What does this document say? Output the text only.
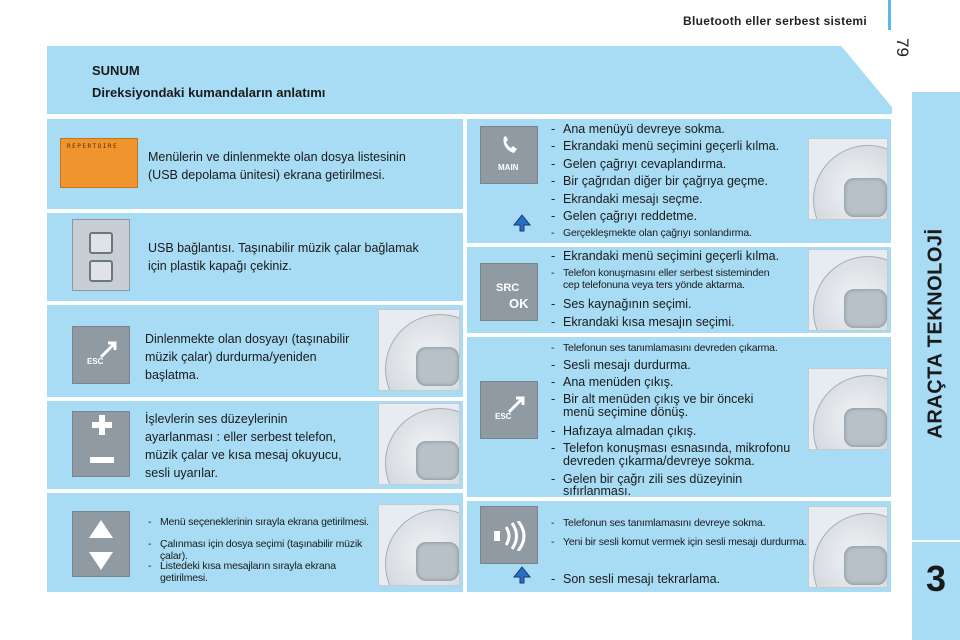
Bluetooth eller serbest sistemi
79
ARAÇTA TEKNOLOJİ
3
SUNUM
Direksiyondaki kumandaların anlatımı
REPERTOIRE
Menülerin ve dinlenmekte olan dosya listesinin
(USB depolama ünitesi) ekrana getirilmesi.
USB bağlantısı. Taşınabilir müzik çalar bağlamak
için plastik kapağı çekiniz.
ESC
Dinlenmekte olan dosyayı (taşınabilir
müzik çalar) durdurma/yeniden
başlatma.
İşlevlerin ses düzeylerinin
ayarlanması : eller serbest telefon,
müzik çalar ve kısa mesaj okuyucu,
sesli uyarılar.
- Menü seçeneklerinin sırayla ekrana getirilmesi.
- Çalınması için dosya seçimi (taşınabilir müzik çalar).
- Listedeki kısa mesajların sırayla ekrana getirilmesi.
MAIN
- Ana menüyü devreye sokma.
- Ekrandaki menü seçimini geçerli kılma.
- Gelen çağrıyı cevaplandırma.
- Bir çağrıdan diğer bir çağrıya geçme.
- Ekrandaki mesajı seçme.
- Gelen çağrıyı reddetme.
- Gerçekleşmekte olan çağrıyı sonlandırma.
SRC
OK
- Ekrandaki menü seçimini geçerli kılma.
- Telefon konuşmasını eller serbest sisteminden
cep telefonuna veya ters yönde aktarma.
- Ses kaynağının seçimi.
- Ekrandaki kısa mesajın seçimi.
ESC
- Telefonun ses tanımlamasını devreden çıkarma.
- Sesli mesajı durdurma.
- Ana menüden çıkış.
- Bir alt menüden çıkış ve bir önceki
menü seçimine dönüş.
- Hafızaya almadan çıkış.
- Telefon konuşması esnasında, mikrofonu
devreden çıkarma/devreye sokma.
- Gelen bir çağrı zili ses düzeyinin
sıfırlanması.
- Telefonun ses tanımlamasını devreye sokma.
- Yeni bir sesli komut vermek için sesli mesajı durdurma.
- Son sesli mesajı tekrarlama.
